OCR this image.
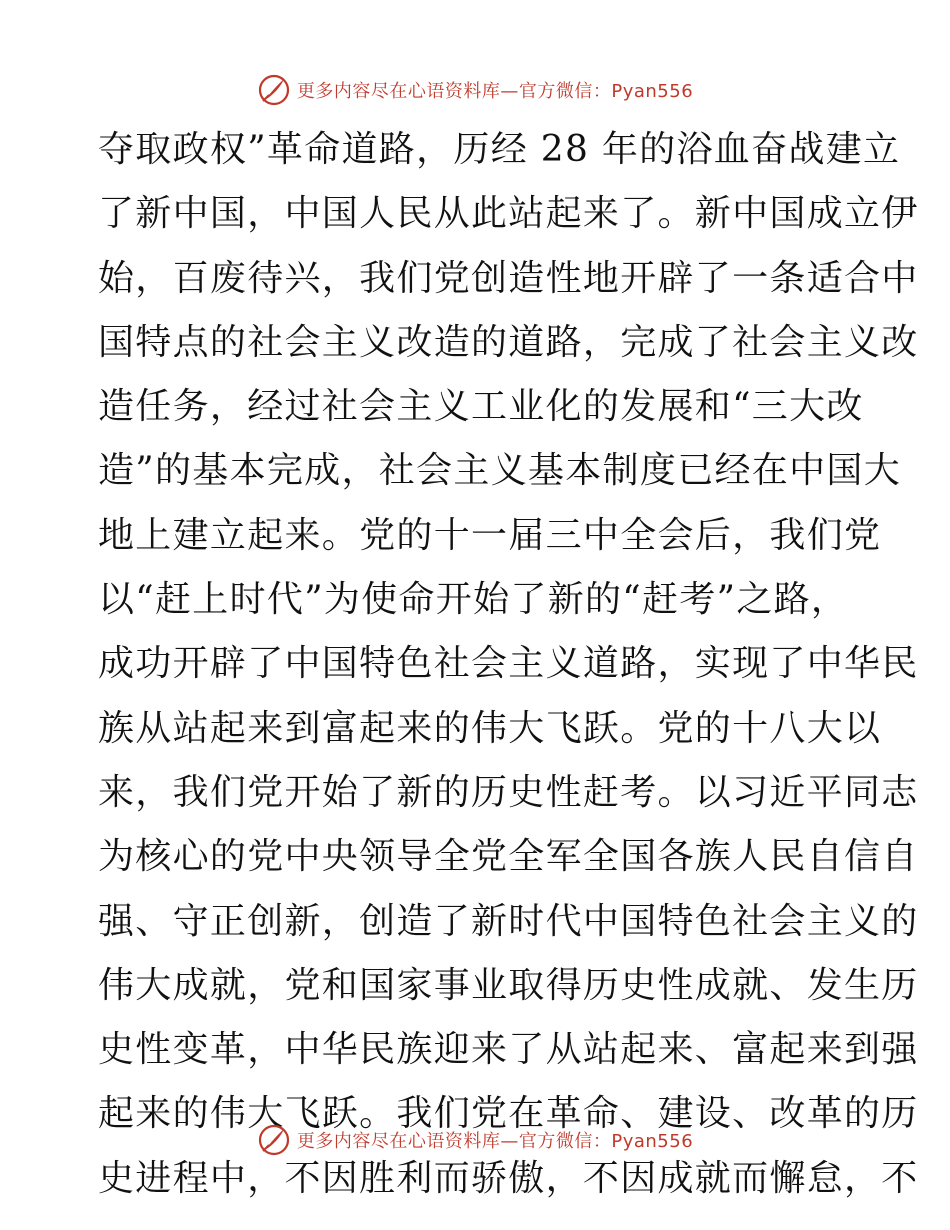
更多内容尽在心语资料库—官方微信：Pyan556
夺取政权”革命道路，历经 28 年的浴血奋战建立
了新中国，中国人民从此站起来了。新中国成立伊
始，百废待兴，我们党创造性地开辟了一条适合中
国特点的社会主义改造的道路，完成了社会主义改
造任务，经过社会主义工业化的发展和“三大改
造”的基本完成，社会主义基本制度已经在中国大
地上建立起来。党的十一届三中全会后，我们党
以“赶上时代”为使命开始了新的“赶考”之路，
成功开辟了中国特色社会主义道路，实现了中华民
族从站起来到富起来的伟大飞跃。党的十八大以
来，我们党开始了新的历史性赶考。以习近平同志
为核心的党中央领导全党全军全国各族人民自信自
强、守正创新，创造了新时代中国特色社会主义的
伟大成就，党和国家事业取得历史性成就、发生历
史性变革，中华民族迎来了从站起来、富起来到强
起来的伟大飞跃。我们党在革命、建设、改革的历
史进程中，不因胜利而骄傲，不因成就而懈怠，不
更多内容尽在心语资料库—官方微信：Pyan556
